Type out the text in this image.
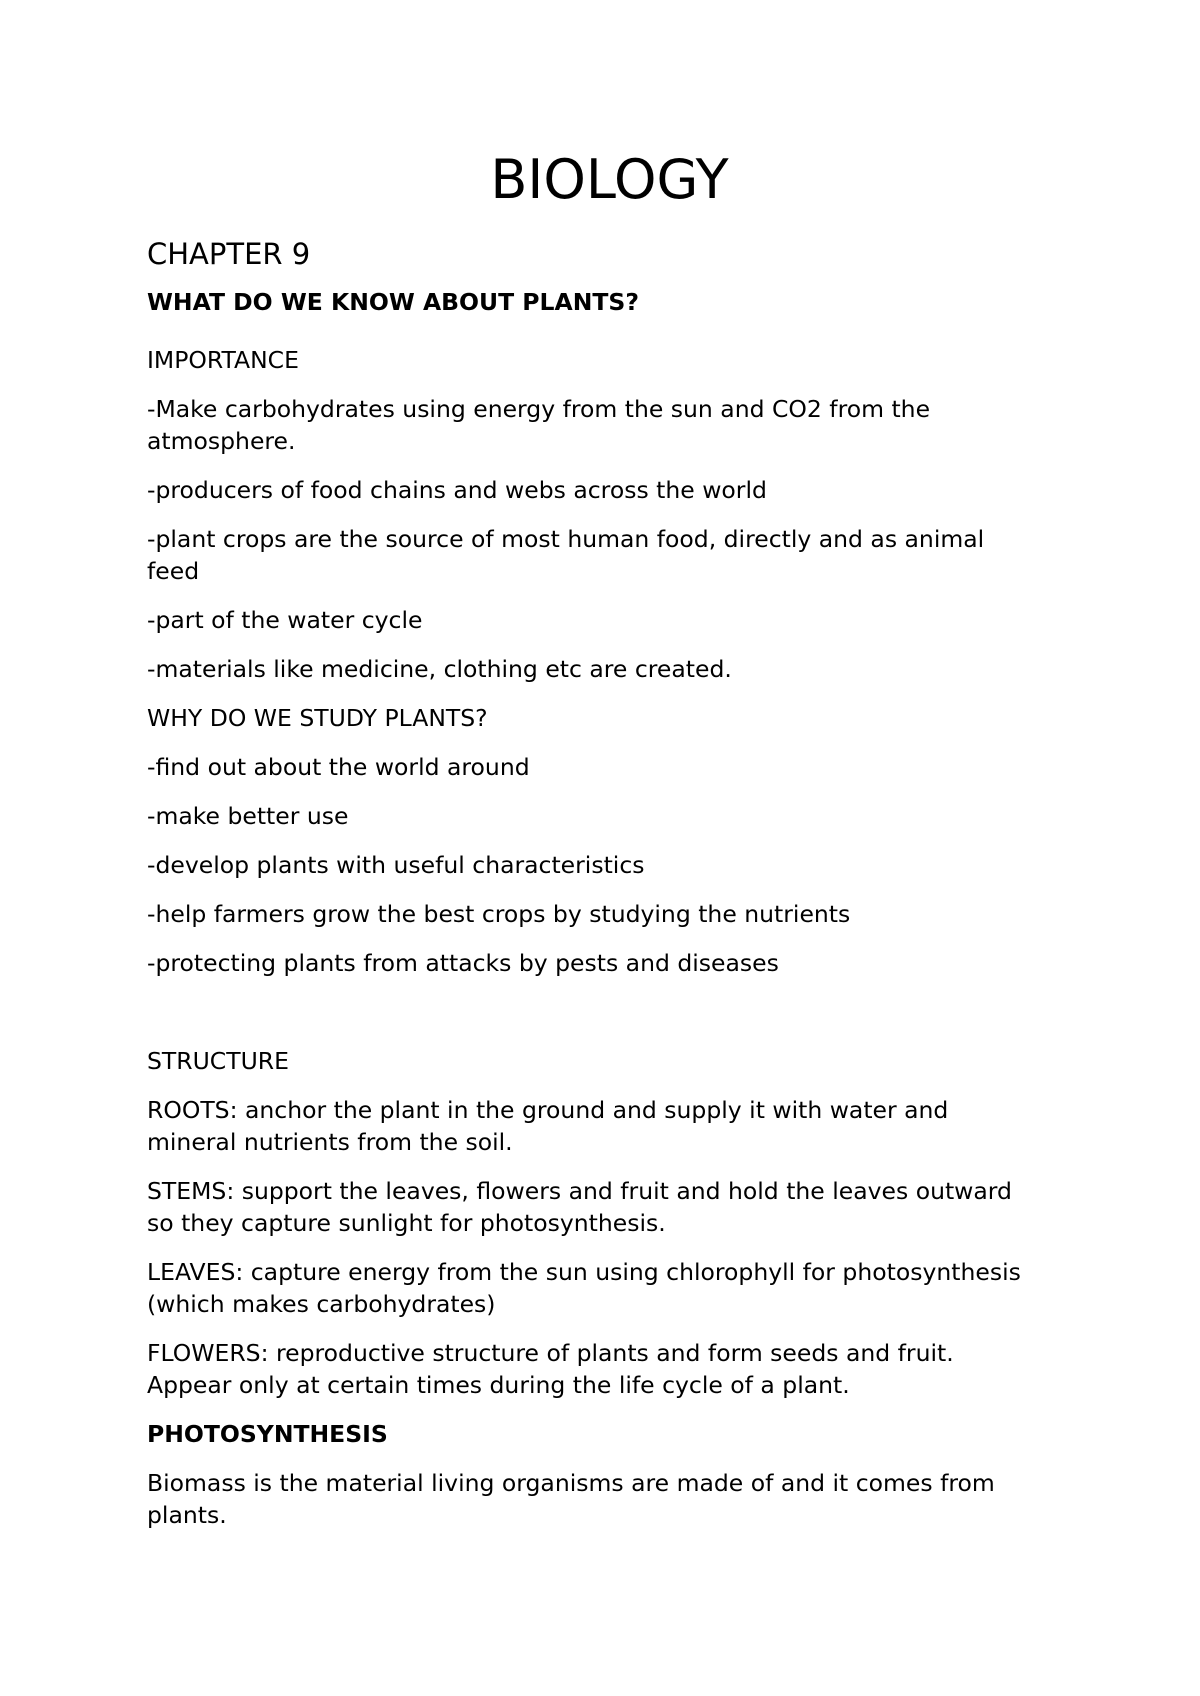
BIOLOGY

CHAPTER 9

WHAT DO WE KNOW ABOUT PLANTS?

IMPORTANCE

-Make carbohydrates using energy from the sun and CO2 from the atmosphere.

-producers of food chains and webs across the world

-plant crops are the source of most human food, directly and as animal feed

-part of the water cycle

-materials like medicine, clothing etc are created.

WHY DO WE STUDY PLANTS?

-find out about the world around

-make better use

-develop plants with useful characteristics

-help farmers grow the best crops by studying the nutrients

-protecting plants from attacks by pests and diseases

STRUCTURE

ROOTS: anchor the plant in the ground and supply it with water and mineral nutrients from the soil.

STEMS: support the leaves, flowers and fruit and hold the leaves outward so they capture sunlight for photosynthesis.

LEAVES: capture energy from the sun using chlorophyll for photosynthesis (which makes carbohydrates)

FLOWERS: reproductive structure of plants and form seeds and fruit. Appear only at certain times during the life cycle of a plant.

PHOTOSYNTHESIS

Biomass is the material living organisms are made of and it comes from plants.
